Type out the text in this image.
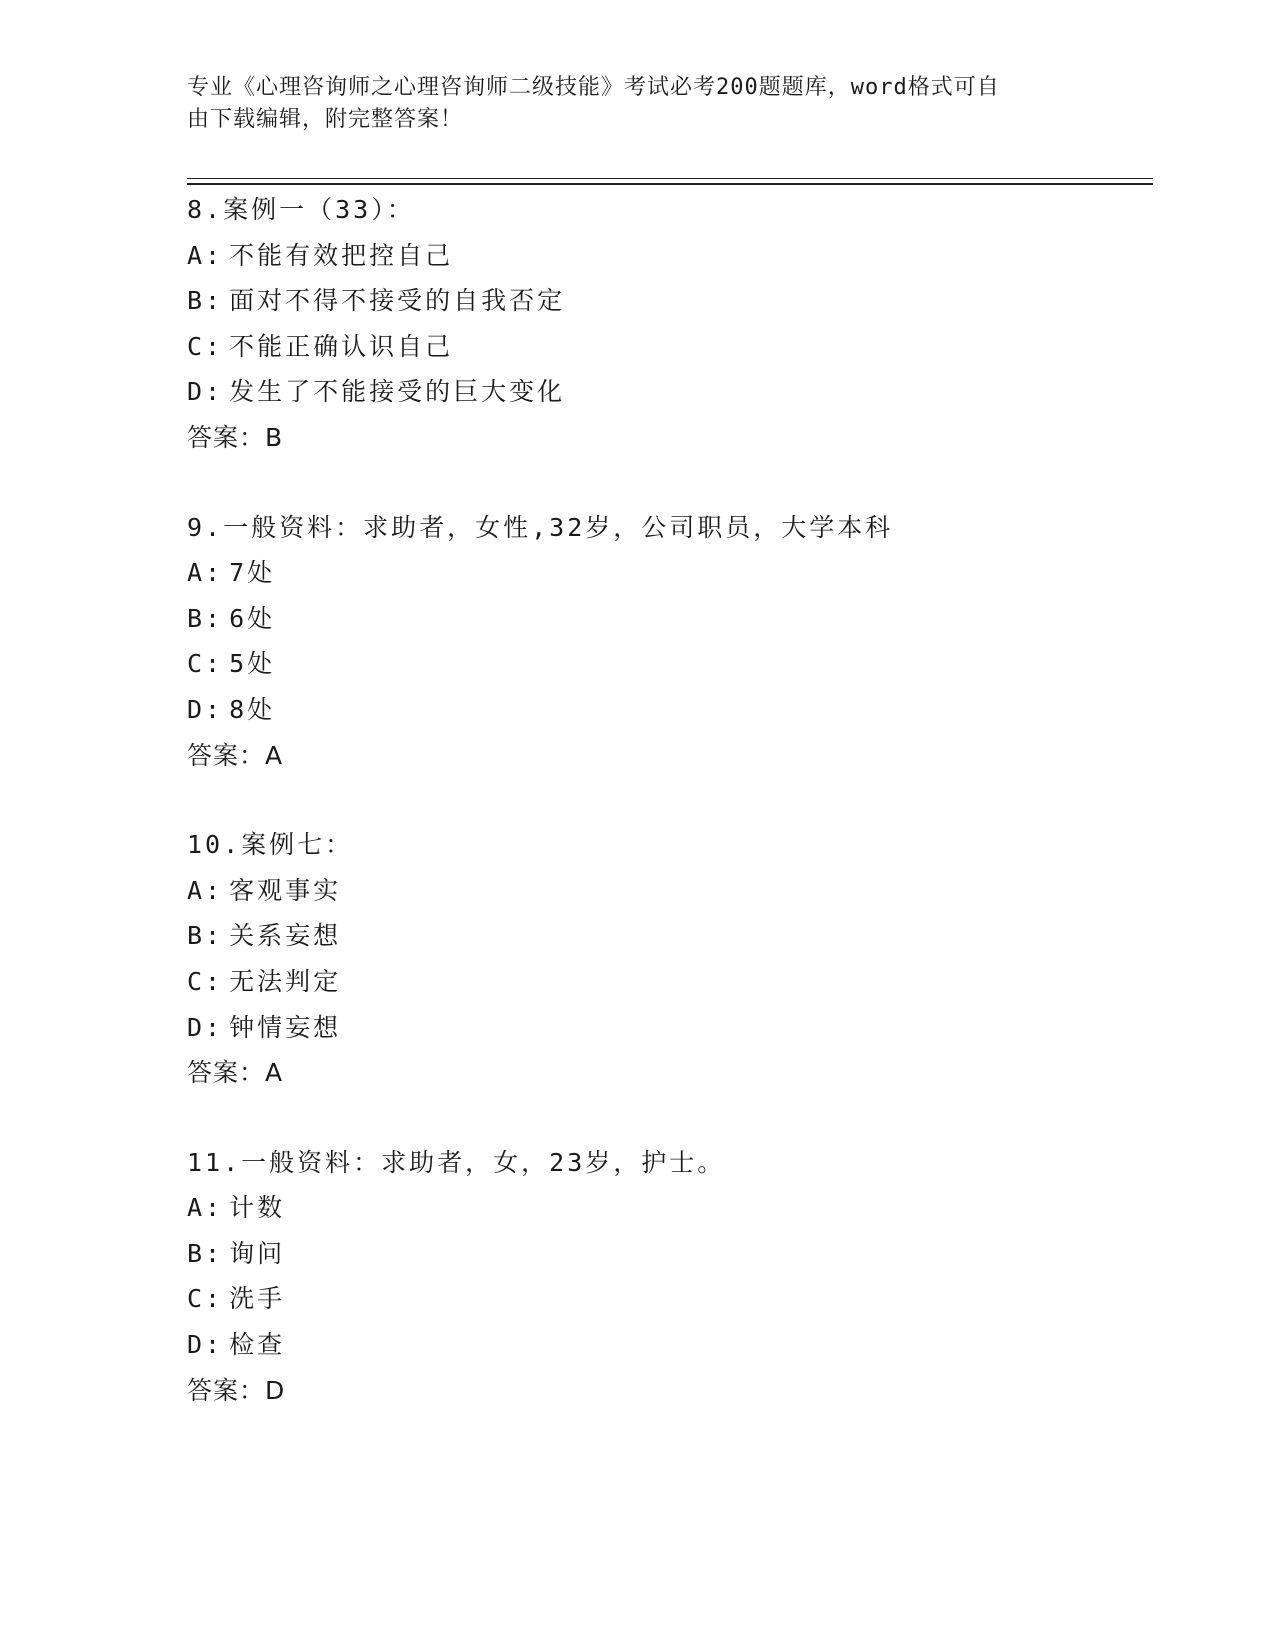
专业《心理咨询师之心理咨询师二级技能》考试必考200题题库，word格式可自
由下载编辑，附完整答案！
8.案例一（33）：
A: 不能有效把控自己
B: 面对不得不接受的自我否定
C: 不能正确认识自己
D: 发生了不能接受的巨大变化
答案：B
9.一般资料：求助者，女性,32岁，公司职员，大学本科
A: 7处
B: 6处
C: 5处
D: 8处
答案：A
10.案例七：
A: 客观事实
B: 关系妄想
C: 无法判定
D: 钟情妄想
答案：A
11.一般资料：求助者，女，23岁，护士。
A: 计数
B: 询问
C: 洗手
D: 检查
答案：D
